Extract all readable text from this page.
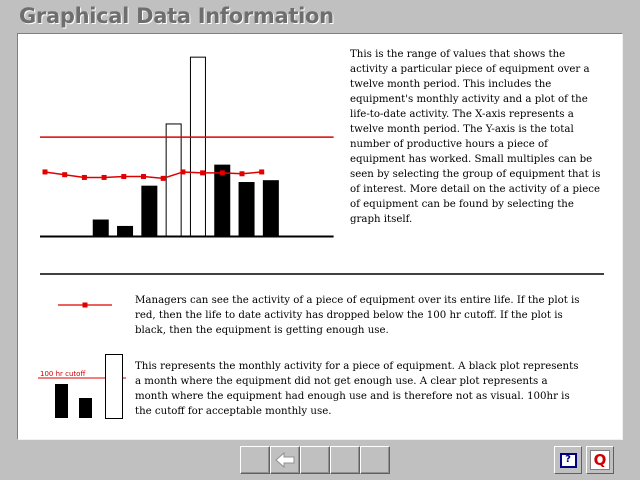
Graphical Data Information
This is the range of values that shows the activity a particular piece of equipment over a twelve month period. This includes the equipment's monthly activity and a plot of the life-to-date activity. The X-axis represents a twelve month period. The Y-axis is the total number of productive hours a piece of equipment has worked. Small multiples can be seen by selecting the group of equipment that is of interest. More detail on the activity of a piece of equipment can be found by selecting the graph itself.
Managers can see the activity of a piece of equipment over its entire life. If the plot is red, then the life to date activity has dropped below the 100 hr cutoff. If the plot is black, then the equipment is getting enough use.
100 hr cutoff
This represents the monthly activity for a piece of equipment. A black plot represents a month where the equipment did not get enough use. A clear plot represents a month where the equipment had enough use and is therefore not as visual. 100hr is the cutoff for acceptable monthly use.
?	Q
